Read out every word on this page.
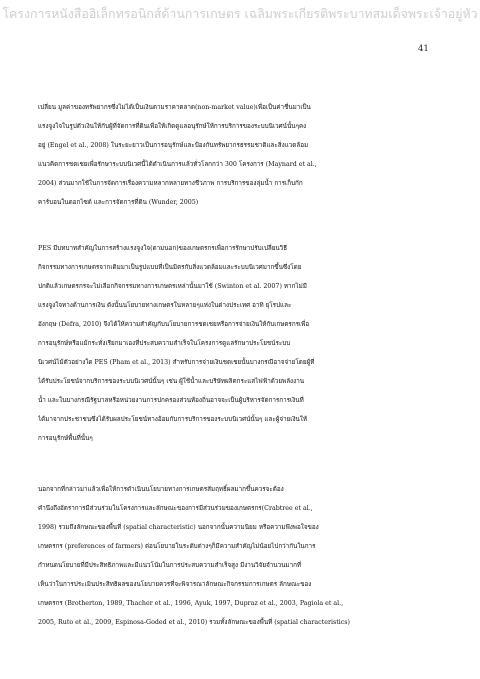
โครงการหนังสืออิเล็กทรอนิกส์ด้านการเกษตร เฉลิมพระเกียรติพระบาทสมเด็จพระเจ้าอยู่หัว
41
เปลี่ยน มูลค่าของทรัพยากรซึ่งไม่ได้เป็นเงินตามราคาตลาด(non-market value)เพื่อเป็นค่าชื่นมาเป็น
แรงจูงใจในรูปตัวเงินให้กับผู้ที่จัดการที่ดินเพื่อให้เกิดดูแลอนุรักษ์ให้การบริการของระบบนิเวศน์นั้นๆคง
อยู่ (Engel et al., 2008) ในระยะยาวเป็นการอนุรักษ์และป้องกันทรัพยากรธรรมชาติและสิ่งแวดล้อม
แนวคิดการชดเชยเพื่อรักษาระบบนิเวศนี้ได้ดำเนินการแล้วทั่วโลกกว่า 300 โครงการ (Maynard et al.,
2004) ส่วนมากใช้ในการจัดการเรื่องความหลากหลายทางชีวภาพ การบริการของลุ่มน้ำ การเก็บกัก
คาร์บอนในดอกไซด์ และการจัดการที่ดิน (Wunder, 2005)
PES มีบทบาทสำคัญในการสร้างแรงจูงใจ(ตามนอก)ของเกษตรกรเพื่อการรักษาปรับเปลี่ยนวิธี
กิจกรรมทางการเกษตรจากเดิมมาเป็นรูปแบบที่เป็นมิตรกับสิ่งแวดล้อมและระบบนิเวศมากขึ้นซึ่งโดย
ปกติแล้วเกษตรกรจะไม่เลือกกิจกรรมทางการเกษตรเหล่านั้นมาใช้ (Swinton et al. 2007) หากไม่มี
แรงจูงใจทางด้านการเงิน ดังนั้นนโยบายทางเกษตรในหลายๆแห่งในต่างประเทศ อาทิ ยุโรปและ
อังกฤษ (Defra, 2010) จึงได้ให้ความสำคัญกับนโยบายการชดเชยหรือการจ่ายเงินให้กับเกษตรกรเพื่อ
การอนุรักษ์หรือแม้กระทั่งเรียกมาเองที่ประสบความสำเร็จในโครงการดูแลรักษาประโยชน์ระบบ
นิเวศน์ไม้ตัวอย่างใด PES (Pham et al., 2013) สำหรับการจ่ายเงินชดเชยนั้นบางกรณีอาจจ่ายโดยผู้ที่
ได้รับประโยชน์จากบริการของระบบนิเวศน์นั้นๆ เช่น ผู้ใช้น้ำและบริษัทผลิตกระแสไฟฟ้าด้วยพลังงาน
น้ำ และในบางกรณีรัฐบาลหรือหน่วยงานการปกครองส่วนท้องถิ่นอาจจะเป็นผู้บริหารจัดการการเงินที่
ได้มาจากประชาชนซึ่งได้รับผลประโยชน์ทางอ้อมกับการบริการของระบบนิเวศน์นั้นๆ และผู้จ่ายเงินให้
การอนุรักษ์พื้นที่นั้นๆ
นอกจากที่กล่าวมาแล้วเพื่อให้การดำเนินนโยบายทางการเกษตรสัมฤทธิ์ผลมากขึ้นควรจะต้อง
คำนึงถึงอัตราการมีส่วนร่วมในโครงการและลักษณะของการมีส่วนร่วมของเกษตรกร(Crabtree et al.,
1998) รวมถึงลักษณะของพื้นที่ (spatial characteristic) นอกจากนั้นความนิยม หรือความพึงพอใจของ
เกษตรกร (preferences of farmers) ต่อนโยบายในระดับต่างๆก็มีความสำคัญไม่น้อยไปกว่ากันในการ
กำหนดนโยบายที่มีประสิทธิภาพและมีแนวโน้มในการประสบความสำเร็จสูง มีงานวิจัยจำนวนมากที่
เห็นว่าในการประเมินประสิทธิผลของนโยบายควรที่จะพิจารณาลักษณะกิจกรรมการเกษตร ลักษณะของ
เกษตรกร (Brotherton, 1989, Thacher et al., 1996, Ayuk, 1997, Dupraz et al., 2003, Pagiola et al.,
2005, Ruto et al., 2009, Espinosa-Goded et al., 2010) รวมทั้งลักษณะของพื้นที่ (spatial characteristics)
